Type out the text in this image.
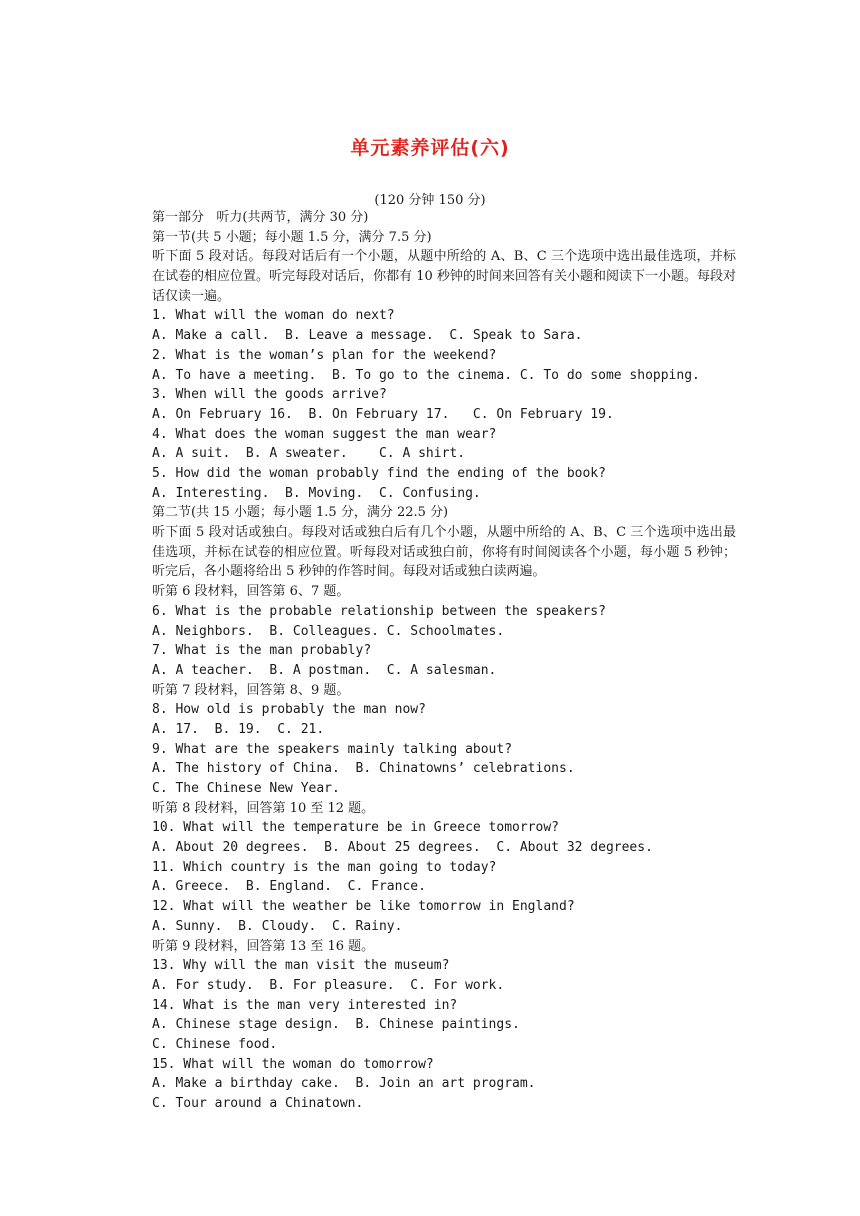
单元素养评估(六)
(120 分钟 150 分)
第一部分   听力(共两节，满分 30 分)
第一节(共 5 小题；每小题 1.5 分，满分 7.5 分)
听下面 5 段对话。每段对话后有一个小题，从题中所给的 A、B、C 三个选项中选出最佳选项，并标在试卷的相应位置。听完每段对话后，你都有 10 秒钟的时间来回答有关小题和阅读下一小题。每段对话仅读一遍。
1. What will the woman do next?
A. Make a call.  B. Leave a message.  C. Speak to Sara.
2. What is the woman’s plan for the weekend?
A. To have a meeting.  B. To go to the cinema. C. To do some shopping.
3. When will the goods arrive?
A. On February 16.  B. On February 17.   C. On February 19.
4. What does the woman suggest the man wear?
A. A suit.  B. A sweater.    C. A shirt.
5. How did the woman probably find the ending of the book?
A. Interesting.  B. Moving.  C. Confusing.
第二节(共 15 小题；每小题 1.5 分，满分 22.5 分)
听下面 5 段对话或独白。每段对话或独白后有几个小题，从题中所给的 A、B、C 三个选项中选出最佳选项，并标在试卷的相应位置。听每段对话或独白前，你将有时间阅读各个小题，每小题 5 秒钟；听完后，各小题将给出 5 秒钟的作答时间。每段对话或独白读两遍。
听第 6 段材料，回答第 6、7 题。
6. What is the probable relationship between the speakers?
A. Neighbors.  B. Colleagues. C. Schoolmates.
7. What is the man probably?
A. A teacher.  B. A postman.  C. A salesman.
听第 7 段材料，回答第 8、9 题。
8. How old is probably the man now?
A. 17.  B. 19.  C. 21.
9. What are the speakers mainly talking about?
A. The history of China.  B. Chinatowns’ celebrations.
C. The Chinese New Year.
听第 8 段材料，回答第 10 至 12 题。
10. What will the temperature be in Greece tomorrow?
A. About 20 degrees.  B. About 25 degrees.  C. About 32 degrees.
11. Which country is the man going to today?
A. Greece.  B. England.  C. France.
12. What will the weather be like tomorrow in England?
A. Sunny.  B. Cloudy.  C. Rainy.
听第 9 段材料，回答第 13 至 16 题。
13. Why will the man visit the museum?
A. For study.  B. For pleasure.  C. For work.
14. What is the man very interested in?
A. Chinese stage design.  B. Chinese paintings.
C. Chinese food.
15. What will the woman do tomorrow?
A. Make a birthday cake.  B. Join an art program.
C. Tour around a Chinatown.
